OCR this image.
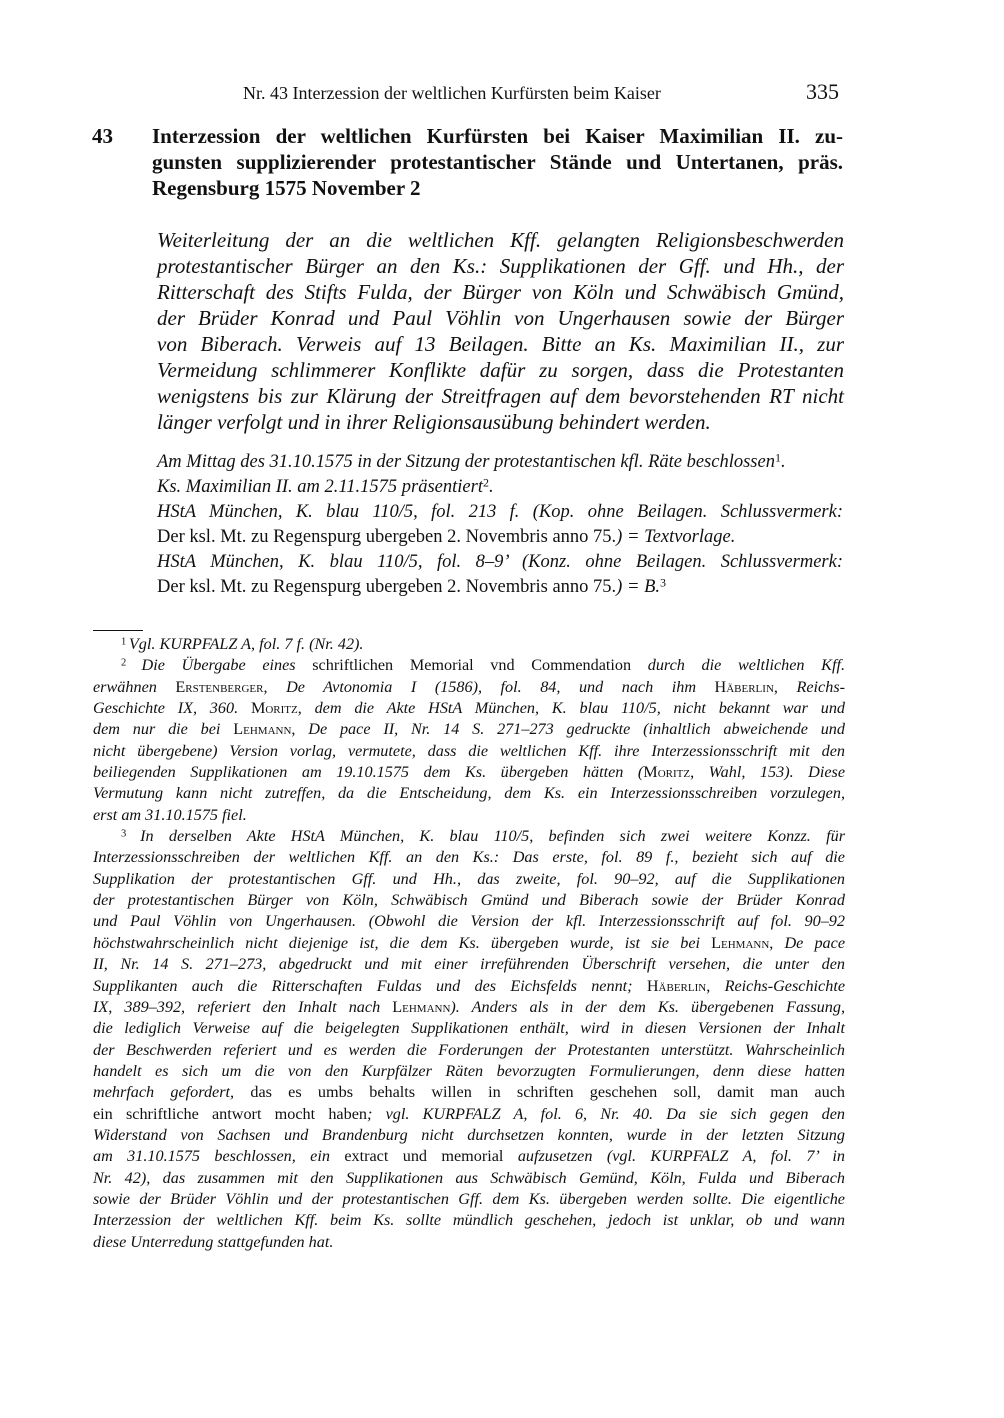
Nr. 43 Interzession der weltlichen Kurfürsten beim Kaiser	335
43 Interzession der weltlichen Kurfürsten bei Kaiser Maximilian II. zu-
gunsten supplizierender protestantischer Stände und Untertanen, präs.
Regensburg 1575 November 2
Weiterleitung der an die weltlichen Kff. gelangten Religionsbeschwerden
protestantischer Bürger an den Ks.: Supplikationen der Gff. und Hh., der
Ritterschaft des Stifts Fulda, der Bürger von Köln und Schwäbisch Gmünd,
der Brüder Konrad und Paul Vöhlin von Ungerhausen sowie der Bürger
von Biberach. Verweis auf 13 Beilagen. Bitte an Ks. Maximilian II., zur
Vermeidung schlimmerer Konflikte dafür zu sorgen, dass die Protestanten
wenigstens bis zur Klärung der Streitfragen auf dem bevorstehenden RT nicht
länger verfolgt und in ihrer Religionsausübung behindert werden.
Am Mittag des 31.10.1575 in der Sitzung der protestantischen kfl. Räte beschlossen$^1$.
Ks. Maximilian II. am 2.11.1575 präsentiert$^2$.
HStA München, K. blau 110/5, fol. 213 f. (Kop. ohne Beilagen. Schlussvermerk:
Der ksl. Mt. zu Regenspurg ubergeben 2. Novembris anno 75.) = Textvorlage.
HStA München, K. blau 110/5, fol. 8–9’ (Konz. ohne Beilagen. Schlussvermerk:
Der ksl. Mt. zu Regenspurg ubergeben 2. Novembris anno 75.) = B.$^3$
$^1$ Vgl. KURPFALZ A, fol. 7 f. (Nr. 42).
$^2$ Die Übergabe eines schriftlichen Memorial vnd Commendation durch die weltlichen Kff.
erwähnen Erstenberger, De Avtonomia I (1586), fol. 84, und nach ihm Häberlin, Reichs-
Geschichte IX, 360. Moritz, dem die Akte HStA München, K. blau 110/5, nicht bekannt war und
dem nur die bei Lehmann, De pace II, Nr. 14 S. 271–273 gedruckte (inhaltlich abweichende und
nicht übergebene) Version vorlag, vermutete, dass die weltlichen Kff. ihre Interzessionsschrift mit den
beiliegenden Supplikationen am 19.10.1575 dem Ks. übergeben hätten (Moritz, Wahl, 153). Diese
Vermutung kann nicht zutreffen, da die Entscheidung, dem Ks. ein Interzessionsschreiben vorzulegen,
erst am 31.10.1575 fiel.
$^3$ In derselben Akte HStA München, K. blau 110/5, befinden sich zwei weitere Konzz. für
Interzessionsschreiben der weltlichen Kff. an den Ks.: Das erste, fol. 89 f., bezieht sich auf die
Supplikation der protestantischen Gff. und Hh., das zweite, fol. 90–92, auf die Supplikationen
der protestantischen Bürger von Köln, Schwäbisch Gmünd und Biberach sowie der Brüder Konrad
und Paul Vöhlin von Ungerhausen. (Obwohl die Version der kfl. Interzessionsschrift auf fol. 90–92
höchstwahrscheinlich nicht diejenige ist, die dem Ks. übergeben wurde, ist sie bei Lehmann, De pace
II, Nr. 14 S. 271–273, abgedruckt und mit einer irreführenden Überschrift versehen, die unter den
Supplikanten auch die Ritterschaften Fuldas und des Eichsfelds nennt; Häberlin, Reichs-Geschichte
IX, 389–392, referiert den Inhalt nach Lehmann). Anders als in der dem Ks. übergebenen Fassung,
die lediglich Verweise auf die beigelegten Supplikationen enthält, wird in diesen Versionen der Inhalt
der Beschwerden referiert und es werden die Forderungen der Protestanten unterstützt. Wahrscheinlich
handelt es sich um die von den Kurpfälzer Räten bevorzugten Formulierungen, denn diese hatten
mehrfach gefordert, das es umbs behalts willen in schriften geschehen soll, damit man auch
ein schriftliche antwort mocht haben; vgl. KURPFALZ A, fol. 6, Nr. 40. Da sie sich gegen den
Widerstand von Sachsen und Brandenburg nicht durchsetzen konnten, wurde in der letzten Sitzung
am 31.10.1575 beschlossen, ein extract und memorial aufzusetzen (vgl. KURPFALZ A, fol. 7’ in
Nr. 42), das zusammen mit den Supplikationen aus Schwäbisch Gemünd, Köln, Fulda und Biberach
sowie der Brüder Vöhlin und der protestantischen Gff. dem Ks. übergeben werden sollte. Die eigentliche
Interzession der weltlichen Kff. beim Ks. sollte mündlich geschehen, jedoch ist unklar, ob und wann
diese Unterredung stattgefunden hat.
